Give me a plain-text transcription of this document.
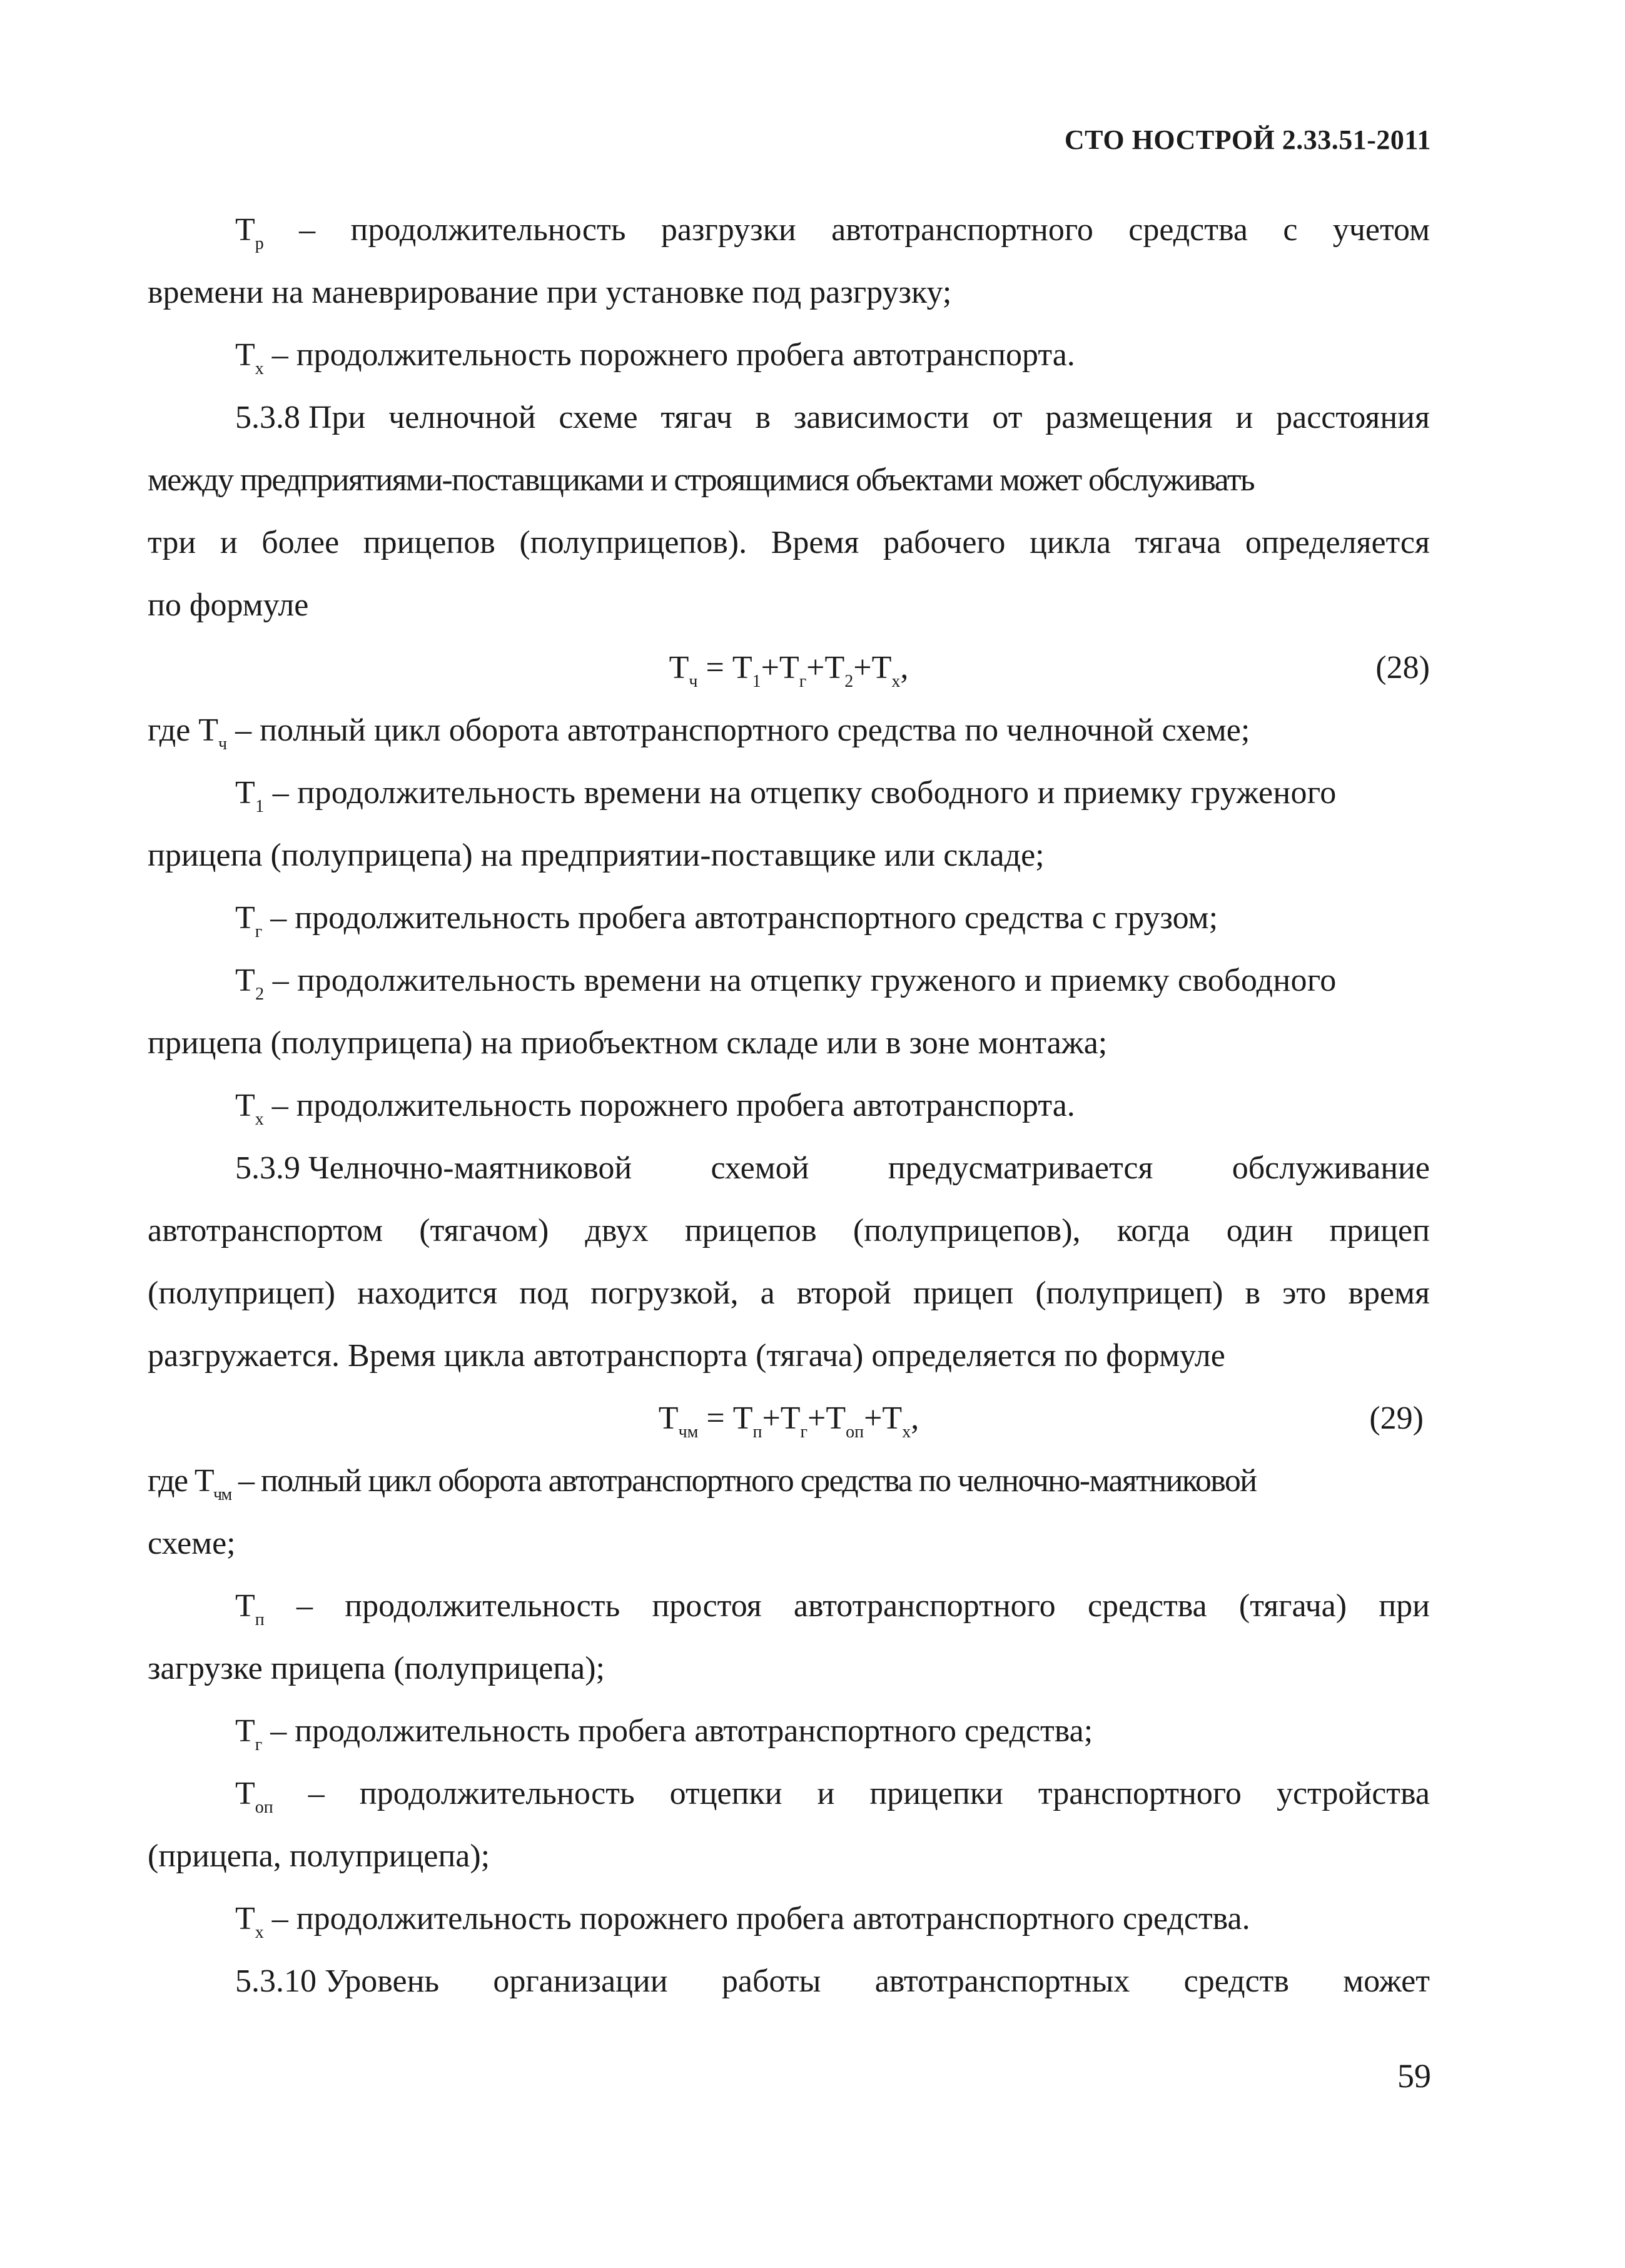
СТО НОСТРОЙ 2.33.51-2011
$Т_р$ – продолжительность разгрузки автотранспортного средства с учетом
времени на маневрирование при установке под разгрузку;
$Т_х$ – продолжительность порожнего пробега автотранспорта.
5.3.8 При челночной схеме тягач в зависимости от размещения и расстояния
между предприятиями-поставщиками и строящимися объектами может обслуживать
три и более прицепов (полуприцепов). Время рабочего цикла тягача определяется
по формуле
$Т_ч = Т_1+Т_г+Т_2+Т_х$,	(28)
где $Т_ч$ – полный цикл оборота автотранспортного средства по челночной схеме;
$Т_1$ – продолжительность времени на отцепку свободного и приемку груженого
прицепа (полуприцепа) на предприятии-поставщике или складе;
$Т_г$ – продолжительность пробега автотранспортного средства с грузом;
$Т_2$ – продолжительность времени на отцепку груженого и приемку свободного
прицепа (полуприцепа) на приобъектном складе или в зоне монтажа;
$Т_х$ – продолжительность порожнего пробега автотранспорта.
5.3.9 Челночно-маятниковой схемой предусматривается обслуживание
автотранспортом (тягачом) двух прицепов (полуприцепов), когда один прицеп
(полуприцеп) находится под погрузкой, а второй прицеп (полуприцеп) в это время
разгружается. Время цикла автотранспорта (тягача) определяется по формуле
$Т_{чм} = Т_п+Т_г+Т_{оп}+Т_х$,	(29)
где $Т_{чм}$ – полный цикл оборота автотранспортного средства по челночно-маятниковой
схеме;
$Т_п$ – продолжительность простоя автотранспортного средства (тягача) при
загрузке прицепа (полуприцепа);
$Т_г$ – продолжительность пробега автотранспортного средства;
$Т_{оп}$ – продолжительность отцепки и прицепки транспортного устройства
(прицепа, полуприцепа);
$Т_х$ – продолжительность порожнего пробега автотранспортного средства.
5.3.10 Уровень организации работы автотранспортных средств может
59
